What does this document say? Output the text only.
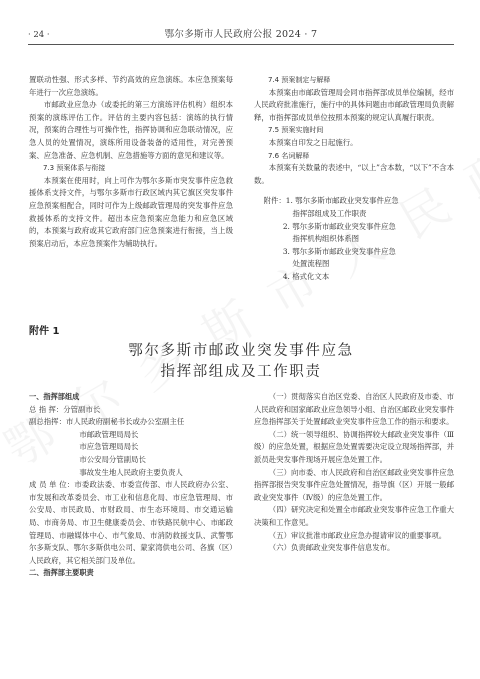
· 24 ·	鄂尔多斯市人民政府公报 2024 · 7

置联动性强、形式多样、节约高效的应急演练。本应急预案每年进行一次应急演练。

市邮政业应急办（或委托的第三方演练评估机构）组织本预案的演练评估工作。评估的主要内容包括：演练的执行情况，预案的合理性与可操作性，指挥协调和应急联动情况，应急人员的处置情况，演练所用设备装备的适用性，对完善预案、应急准备、应急机制、应急措施等方面的意见和建议等。

7.3 预案体系与衔接

本预案在使用时，向上可作为鄂尔多斯市突发事件应急救援体系支持文件，与鄂尔多斯市行政区域内其它旗区突发事件应急预案相配合，同时可作为上级邮政管理局的突发事件应急救援体系的支持文件。超出本应急预案应急能力和应急区域的，本预案与政府或其它政府部门应急预案进行衔接，当上级预案启动后，本应急预案作为辅助执行。

7.4 预案制定与解释

本预案由市邮政管理局会同市指挥部成员单位编制，经市人民政府批准施行，施行中的具体问题由市邮政管理局负责解释，市指挥部成员单位按照本预案的规定认真履行职责。

7.5 预案实施时间

本预案自印发之日起施行。

7.6 名词解释

本预案有关数量的表述中，“以上”含本数，“以下”不含本数。

附件：1. 鄂尔多斯市邮政业突发事件应急

指挥部组成及工作职责

2. 鄂尔多斯市邮政业突发事件应急

指挥机构组织体系图

3. 鄂尔多斯市邮政业突发事件应急

处置流程图

4. 格式化文本

附件 1
鄂尔多斯市邮政业突发事件应急
指挥部组成及工作职责

一、指挥部组成

总 指 挥：分管副市长

副总指挥：市人民政府副秘书长或办公室副主任

市邮政管理局局长

市应急管理局局长

市公安局分管副局长

事故发生地人民政府主要负责人

成 员 单 位：市委政法委、市委宣传部、市人民政府办公室、市发展和改革委员会、市工业和信息化局、市应急管理局、市公安局、市民政局、市财政局、市生态环境局、市交通运输局、市商务局、市卫生健康委员会、市铁路民航中心、市邮政管理局、市融媒体中心、市气象局、市消防救援支队、武警鄂尔多斯支队、鄂尔多斯供电公司、蒙家湾供电公司、各旗（区）人民政府，其它相关部门及单位。

二、指挥部主要职责

（一）贯彻落实自治区党委、自治区人民政府及市委、市人民政府和国家邮政业应急领导小组、自治区邮政业突发事件应急指挥部关于处置邮政业突发事件应急工作的指示和要求。

（二）统一领导组织、协调指挥较大邮政业突发事件（Ⅲ级）的应急处置，根据应急处置需要决定设立现场指挥部，并派员赴突发事件现场开展应急处置工作。

（三）向市委、市人民政府和自治区邮政业突发事件应急指挥部报告突发事件应急处置情况，指导旗（区）开展一般邮政业突发事件（Ⅳ级）的应急处置工作。

（四）研究决定和处置全市邮政业突发事件应急工作重大决策和工作意见。

（五）审议批准市邮政业应急办提请审议的重要事项。

（六）负责邮政业突发事件信息发布。
